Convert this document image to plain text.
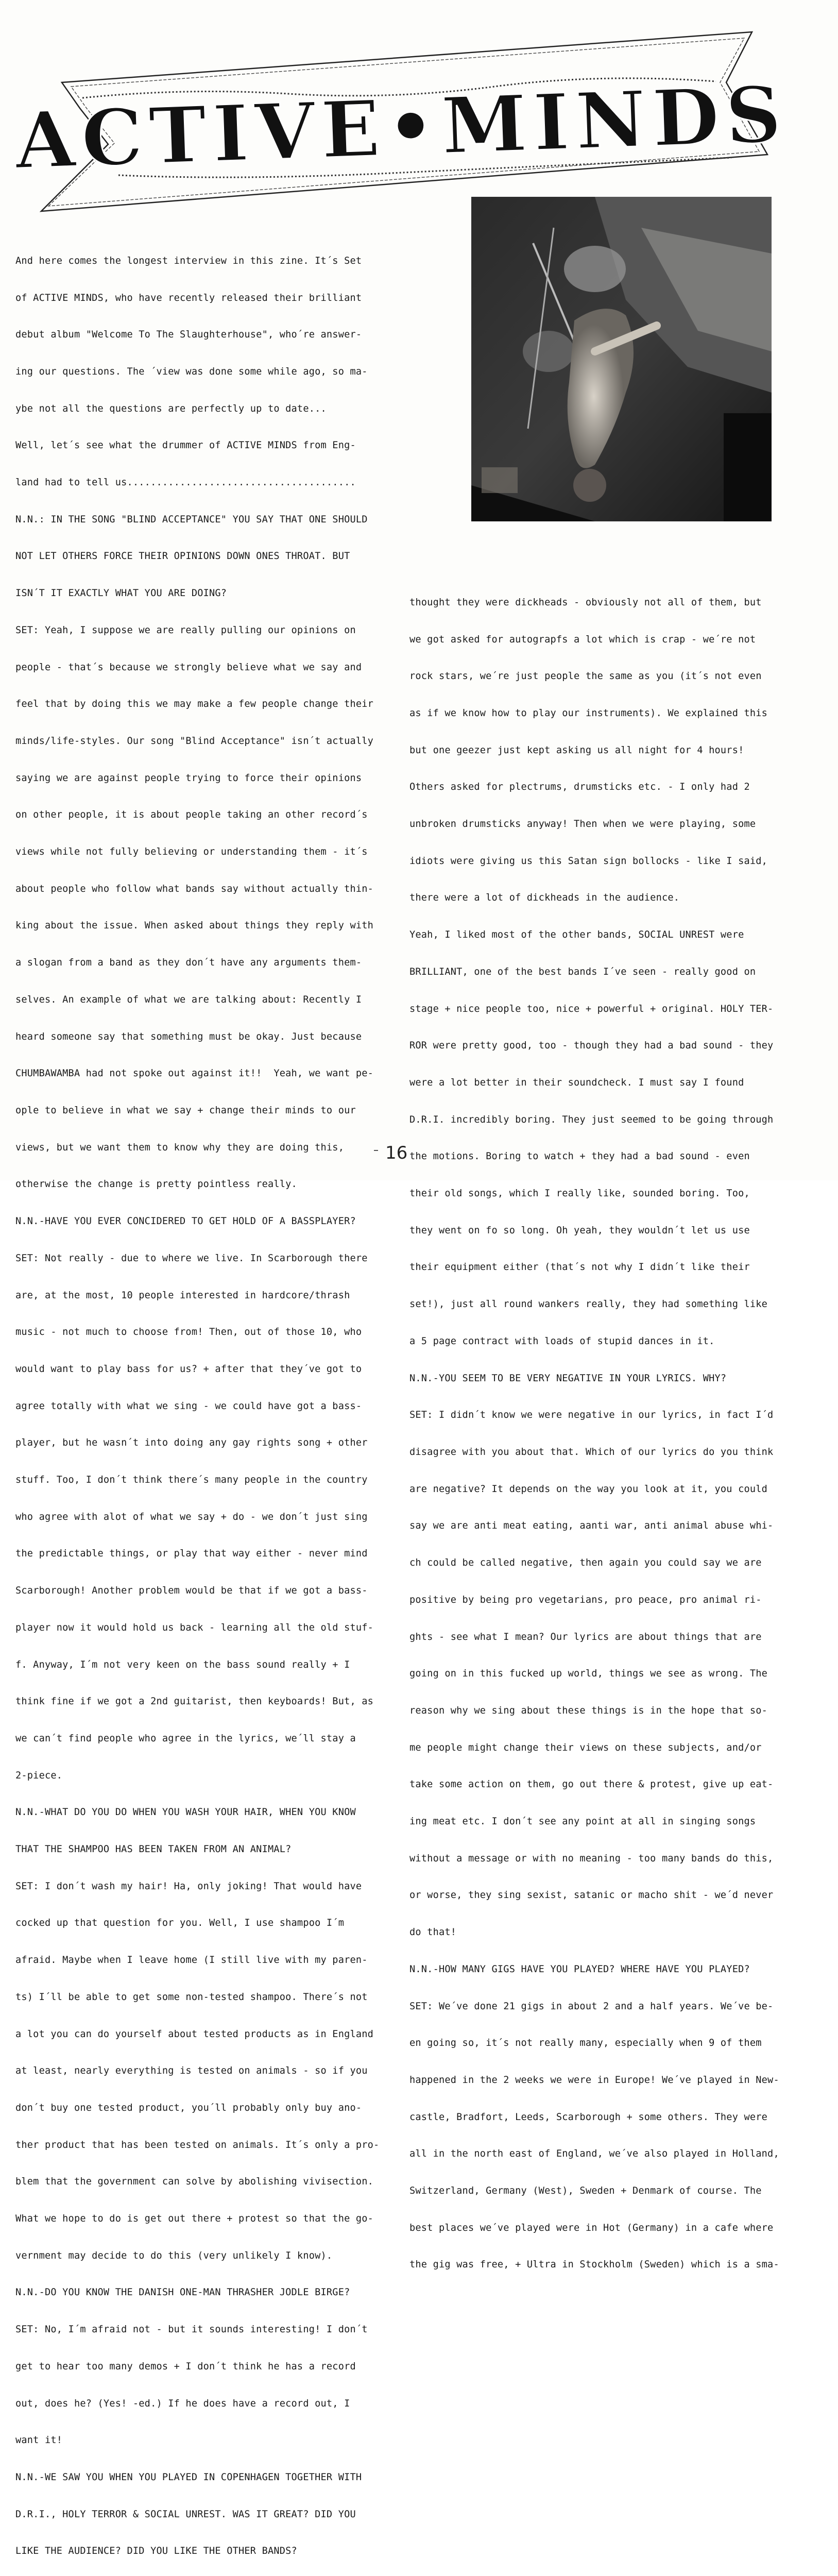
ACTIVE•MINDS

And here comes the longest interview in this zine. It´s Set

of ACTIVE MINDS, who have recently released their brilliant

debut album "Welcome To The Slaughterhouse", who´re answer-

ing our questions. The ´view was done some while ago, so ma-

ybe not all the questions are perfectly up to date...

Well, let´s see what the drummer of ACTIVE MINDS from Eng-

land had to tell us.......................................

N.N.: IN THE SONG "BLIND ACCEPTANCE" YOU SAY THAT ONE SHOULD

NOT LET OTHERS FORCE THEIR OPINIONS DOWN ONES THROAT. BUT

ISN´T IT EXACTLY WHAT YOU ARE DOING?

SET: Yeah, I suppose we are really pulling our opinions on

people - that´s because we strongly believe what we say and

feel that by doing this we may make a few people change their

minds/life-styles. Our song "Blind Acceptance" isn´t actually

saying we are against people trying to force their opinions

on other people, it is about people taking an other record´s

views while not fully believing or understanding them - it´s

about people who follow what bands say without actually thin-

king about the issue. When asked about things they reply with

a slogan from a band as they don´t have any arguments them-

selves. An example of what we are talking about: Recently I

heard someone say that something must be okay. Just because

CHUMBAWAMBA had not spoke out against it!!  Yeah, we want pe-

ople to believe in what we say + change their minds to our

views, but we want them to know why they are doing this,

otherwise the change is pretty pointless really.

N.N.-HAVE YOU EVER CONCIDERED TO GET HOLD OF A BASSPLAYER?

SET: Not really - due to where we live. In Scarborough there

are, at the most, 10 people interested in hardcore/thrash

music - not much to choose from! Then, out of those 10, who

would want to play bass for us? + after that they´ve got to

agree totally with what we sing - we could have got a bass-

player, but he wasn´t into doing any gay rights song + other

stuff. Too, I don´t think there´s many people in the country

who agree with alot of what we say + do - we don´t just sing

the predictable things, or play that way either - never mind

Scarborough! Another problem would be that if we got a bass-

player now it would hold us back - learning all the old stuf-

f. Anyway, I´m not very keen on the bass sound really + I

think fine if we got a 2nd guitarist, then keyboards! But, as

we can´t find people who agree in the lyrics, we´ll stay a

2-piece.

N.N.-WHAT DO YOU DO WHEN YOU WASH YOUR HAIR, WHEN YOU KNOW

THAT THE SHAMPOO HAS BEEN TAKEN FROM AN ANIMAL?

SET: I don´t wash my hair! Ha, only joking! That would have

cocked up that question for you. Well, I use shampoo I´m

afraid. Maybe when I leave home (I still live with my paren-

ts) I´ll be able to get some non-tested shampoo. There´s not

a lot you can do yourself about tested products as in England

at least, nearly everything is tested on animals - so if you

don´t buy one tested product, you´ll probably only buy ano-

ther product that has been tested on animals. It´s only a pro-

blem that the government can solve by abolishing vivisection.

What we hope to do is get out there + protest so that the go-

vernment may decide to do this (very unlikely I know).

N.N.-DO YOU KNOW THE DANISH ONE-MAN THRASHER JODLE BIRGE?

SET: No, I´m afraid not - but it sounds interesting! I don´t

get to hear too many demos + I don´t think he has a record

out, does he? (Yes! -ed.) If he does have a record out, I

want it!

N.N.-WE SAW YOU WHEN YOU PLAYED IN COPENHAGEN TOGETHER WITH

D.R.I., HOLY TERROR & SOCIAL UNREST. WAS IT GREAT? DID YOU

LIKE THE AUDIENCE? DID YOU LIKE THE OTHER BANDS?

thought they were dickheads - obviously not all of them, but

we got asked for autograpfs a lot which is crap - we´re not

rock stars, we´re just people the same as you (it´s not even

as if we know how to play our instruments). We explained this

but one geezer just kept asking us all night for 4 hours!

Others asked for plectrums, drumsticks etc. - I only had 2

unbroken drumsticks anyway! Then when we were playing, some

idiots were giving us this Satan sign bollocks - like I said,

there were a lot of dickheads in the audience.

Yeah, I liked most of the other bands, SOCIAL UNREST were

BRILLIANT, one of the best bands I´ve seen - really good on

stage + nice people too, nice + powerful + original. HOLY TER-

ROR were pretty good, too - though they had a bad sound - they

were a lot better in their soundcheck. I must say I found

D.R.I. incredibly boring. They just seemed to be going through

the motions. Boring to watch + they had a bad sound - even

their old songs, which I really like, sounded boring. Too,

they went on fo so long. Oh yeah, they wouldn´t let us use

their equipment either (that´s not why I didn´t like their

set!), just all round wankers really, they had something like

a 5 page contract with loads of stupid dances in it.

N.N.-YOU SEEM TO BE VERY NEGATIVE IN YOUR LYRICS. WHY?

SET: I didn´t know we were negative in our lyrics, in fact I´d

disagree with you about that. Which of our lyrics do you think

are negative? It depends on the way you look at it, you could

say we are anti meat eating, aanti war, anti animal abuse whi-

ch could be called negative, then again you could say we are

positive by being pro vegetarians, pro peace, pro animal ri-

ghts - see what I mean? Our lyrics are about things that are

going on in this fucked up world, things we see as wrong. The

reason why we sing about these things is in the hope that so-

me people might change their views on these subjects, and/or

take some action on them, go out there & protest, give up eat-

ing meat etc. I don´t see any point at all in singing songs

without a message or with no meaning - too many bands do this,

or worse, they sing sexist, satanic or macho shit - we´d never

do that!

N.N.-HOW MANY GIGS HAVE YOU PLAYED? WHERE HAVE YOU PLAYED?

SET: We´ve done 21 gigs in about 2 and a half years. We´ve be-

en going so, it´s not really many, especially when 9 of them

happened in the 2 weeks we were in Europe! We´ve played in New-

castle, Bradfort, Leeds, Scarborough + some others. They were

all in the north east of England, we´ve also played in Holland,

Switzerland, Germany (West), Sweden + Denmark of course. The

best places we´ve played were in Hot (Germany) in a cafe where

the gig was free, + Ultra in Stockholm (Sweden) which is a sma-

16
